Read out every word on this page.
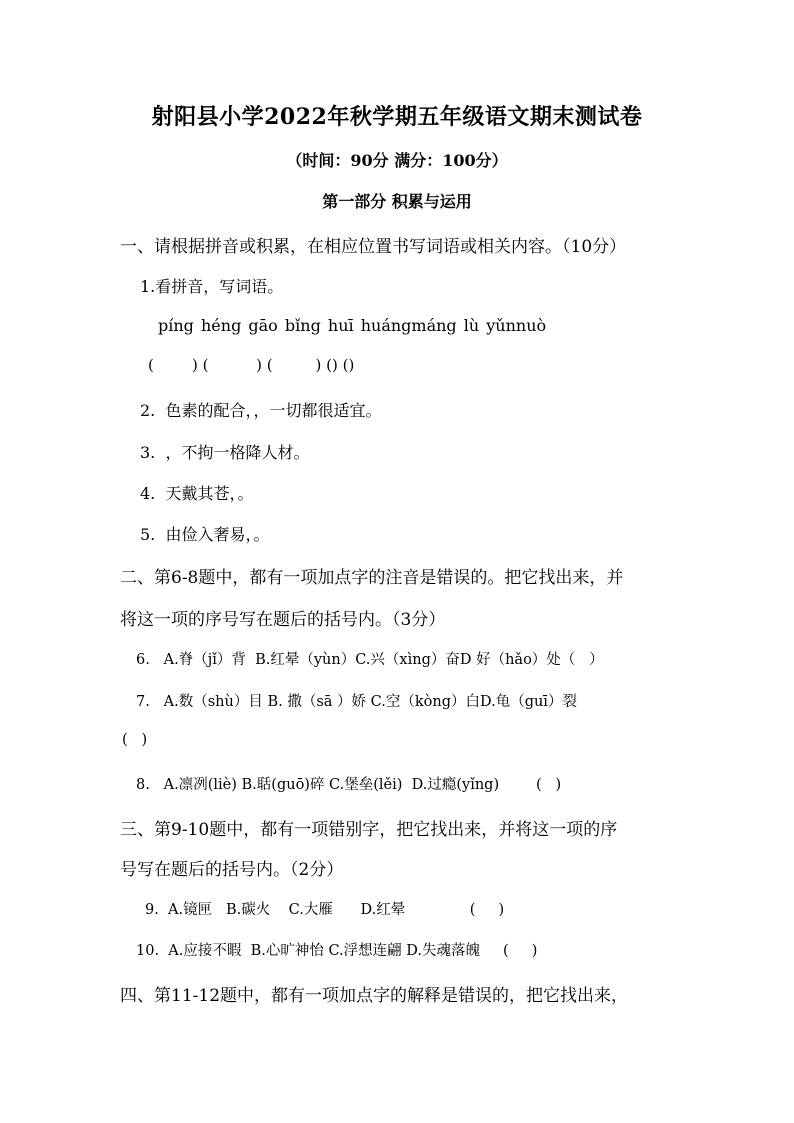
射阳县小学2022年秋学期五年级语文期末测试卷
（时间：90分 满分：100分）
第一部分 积累与运用
一、请根据拼音或积累，在相应位置书写词语或相关内容。（10分）
1.看拼音，写词语。
píng héng gāo bǐng huī huángmáng lù yǔnnuò
(        ) (          ) (         ) () ()
2.  色素的配合，，一切都很适宜。
3.  ，不拘一格降人材。
4.  天戴其苍，。
5.  由俭入奢易，。
二、第6-8题中，都有一项加点字的注音是错误的。把它找出来，并
将这一项的序号写在题后的括号内。（3分）
6.   A.脊（jǐ）背  B.红晕（yùn）C.兴（xìng）奋D 好（hǎo）处（   ）
7.   A.数（shù）目 B. 撒（sā ）娇 C.空（kòng）白D.龟（guī）裂
(   )
8.   A.凛冽(liè) B.聒(guō)碎 C.堡垒(lěi)  D.过瘾(yǐng)        (   )
三、第9-10题中，都有一项错别字，把它找出来，并将这一项的序
号写在题后的括号内。（2分）
9.  A.镜匣   B.碳火    C.大雁      D.红晕              (     )
10.  A.应接不暇  B.心旷神怡 C.浮想连翩 D.失魂落魄     (     )
四、第11-12题中，都有一项加点字的解释是错误的，把它找出来，
